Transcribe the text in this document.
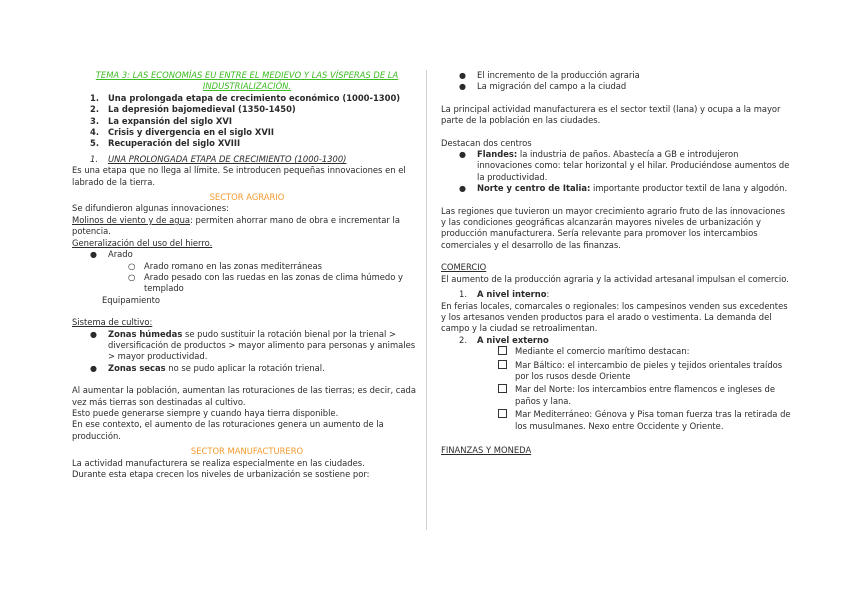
TEMA 3: LAS ECONOMÍAS EU ENTRE EL MEDIEVO Y LAS VÍSPERAS DE LA INDUSTRIALIZACIÓN.

1. Una prolongada etapa de crecimiento económico (1000-1300)

2. La depresión bajomedieval (1350-1450)

3. La expansión del siglo XVI

4. Crisis y divergencia en el siglo XVII

5. Recuperación del siglo XVIII

1. UNA PROLONGADA ETAPA DE CRECIMIENTO (1000-1300)

Es una etapa que no llega al límite. Se introducen pequeñas innovaciones en el labrado de la tierra.

SECTOR AGRARIO

Se difundieron algunas innovaciones:

Molinos de viento y de agua: permiten ahorrar mano de obra e incrementar la potencia.

Generalización del uso del hierro.

● Arado

○ Arado romano en las zonas mediterráneas

○ Arado pesado con las ruedas en las zonas de clima húmedo y templado

Equipamiento

Sistema de cultivo:

● Zonas húmedas se pudo sustituir la rotación bienal por la trienal > diversificación de productos > mayor alimento para personas y animales > mayor productividad.

● Zonas secas no se pudo aplicar la rotación trienal.

Al aumentar la población, aumentan las roturaciones de las tierras; es decir, cada vez más tierras son destinadas al cultivo.

Esto puede generarse siempre y cuando haya tierra disponible.

En ese contexto, el aumento de las roturaciones genera un aumento de la producción.

SECTOR MANUFACTURERO

La actividad manufacturera se realiza especialmente en las ciudades.

Durante esta etapa crecen los niveles de urbanización se sostiene por:

● El incremento de la producción agraria

● La migración del campo a la ciudad

La principal actividad manufacturera es el sector textil (lana) y ocupa a la mayor parte de la población en las ciudades.

Destacan dos centros

● Flandes: la industria de paños. Abastecía a GB e introdujeron innovaciones como: telar horizontal y el hilar. Produciéndose aumentos de la productividad.

● Norte y centro de Italia: importante productor textil de lana y algodón.

Las regiones que tuvieron un mayor crecimiento agrario fruto de las innovaciones y las condiciones geográficas alcanzarán mayores niveles de urbanización y producción manufacturera. Sería relevante para promover los intercambios comerciales y el desarrollo de las finanzas.

COMERCIO

El aumento de la producción agraria y la actividad artesanal impulsan el comercio.

1. A nivel interno:

En ferias locales, comarcales o regionales: los campesinos venden sus excedentes y los artesanos venden productos para el arado o vestimenta. La demanda del campo y la ciudad se retroalimentan.

2. A nivel externo

Mediante el comercio marítimo destacan:

Mar Báltico: el intercambio de pieles y tejidos orientales traídos por los rusos desde Oriente

Mar del Norte: los intercambios entre flamencos e ingleses de paños y lana.

Mar Mediterráneo: Génova y Pisa toman fuerza tras la retirada de los musulmanes. Nexo entre Occidente y Oriente.

FINANZAS Y MONEDA
